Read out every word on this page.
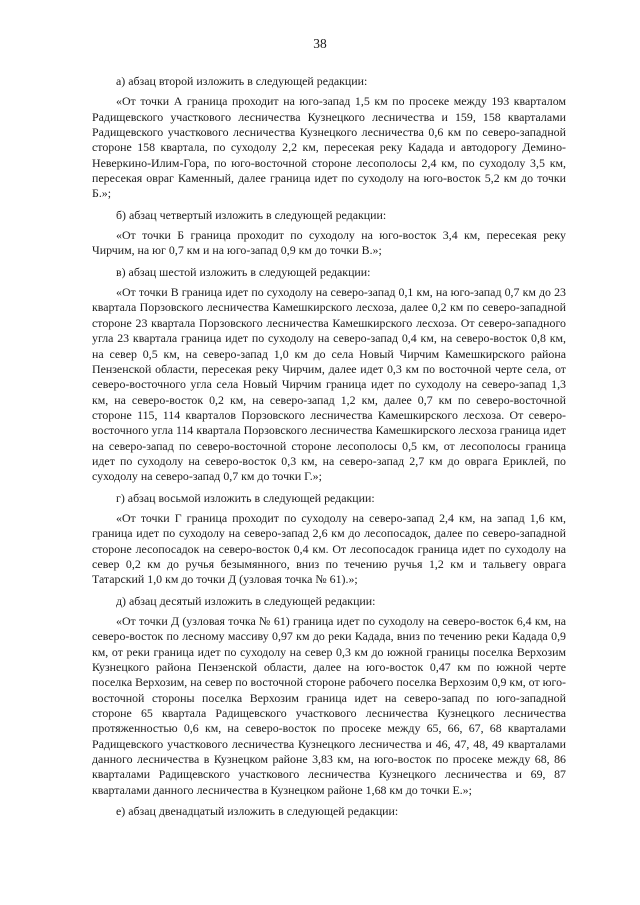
38

а) абзац второй изложить в следующей редакции:

«От точки А граница проходит на юго-запад 1,5 км по просеке между 193 кварталом Радищевского участкового лесничества Кузнецкого лесничества и 159, 158 кварталами Радищевского участкового лесничества Кузнецкого лесничества 0,6 км по северо-западной стороне 158 квартала, по суходолу 2,2 км, пересекая реку Кадада и автодорогу Демино-Неверкино-Илим-Гора, по юго-восточной стороне лесополосы 2,4 км, по суходолу 3,5 км, пересекая овраг Каменный, далее граница идет по суходолу на юго-восток 5,2 км до точки Б.»;

б) абзац четвертый изложить в следующей редакции:

«От точки Б граница проходит по суходолу на юго-восток 3,4 км, пересекая реку Чирчим, на юг 0,7 км и на юго-запад 0,9 км до точки В.»;

в) абзац шестой изложить в следующей редакции:

«От точки В граница идет по суходолу на северо-запад 0,1 км, на юго-запад 0,7 км до 23 квартала Порзовского лесничества Камешкирского лесхоза, далее 0,2 км по северо-западной стороне 23 квартала Порзовского лесничества Камешкирского лесхоза. От северо-западного угла 23 квартала граница идет по суходолу на северо-запад 0,4 км, на северо-восток 0,8 км, на север 0,5 км, на северо-запад 1,0 км до села Новый Чирчим Камешкирского района Пензенской области, пересекая реку Чирчим, далее идет 0,3 км по восточной черте села, от северо-восточного угла села Новый Чирчим граница идет по суходолу на северо-запад 1,3 км, на северо-восток 0,2 км, на северо-запад 1,2 км, далее 0,7 км по северо-восточной стороне 115, 114 кварталов Порзовского лесничества Камешкирского лесхоза. От северо-восточного угла 114 квартала Порзовского лесничества Камешкирского лесхоза граница идет на северо-запад по северо-восточной стороне лесополосы 0,5 км, от лесополосы граница идет по суходолу на северо-восток 0,3 км, на северо-запад 2,7 км до оврага Ериклей, по суходолу на северо-запад 0,7 км до точки Г.»;

г) абзац восьмой изложить в следующей редакции:

«От точки Г граница проходит по суходолу на северо-запад 2,4 км, на запад 1,6 км, граница идет по суходолу на северо-запад 2,6 км до лесопосадок, далее по северо-западной стороне лесопосадок на северо-восток 0,4 км. От лесопосадок граница идет по суходолу на север 0,2 км до ручья безымянного, вниз по течению ручья 1,2 км и тальвегу оврага Татарский 1,0 км до точки Д (узловая точка № 61).»;

д) абзац десятый изложить в следующей редакции:

«От точки Д (узловая точка № 61) граница идет по суходолу на северо-восток 6,4 км, на северо-восток по лесному массиву 0,97 км до реки Кадада, вниз по течению реки Кадада 0,9 км, от реки граница идет по суходолу на север 0,3 км до южной границы поселка Верхозим Кузнецкого района Пензенской области, далее на юго-восток 0,47 км по южной черте поселка Верхозим, на север по восточной стороне рабочего поселка Верхозим 0,9 км, от юго-восточной стороны поселка Верхозим граница идет на северо-запад по юго-западной стороне 65 квартала Радищевского участкового лесничества Кузнецкого лесничества протяженностью 0,6 км, на северо-восток по просеке между 65, 66, 67, 68 кварталами Радищевского участкового лесничества Кузнецкого лесничества и 46, 47, 48, 49 кварталами данного лесничества в Кузнецком районе 3,83 км, на юго-восток по просеке между 68, 86 кварталами Радищевского участкового лесничества Кузнецкого лесничества и 69, 87 кварталами данного лесничества в Кузнецком районе 1,68 км до точки Е.»;

е) абзац двенадцатый изложить в следующей редакции:
